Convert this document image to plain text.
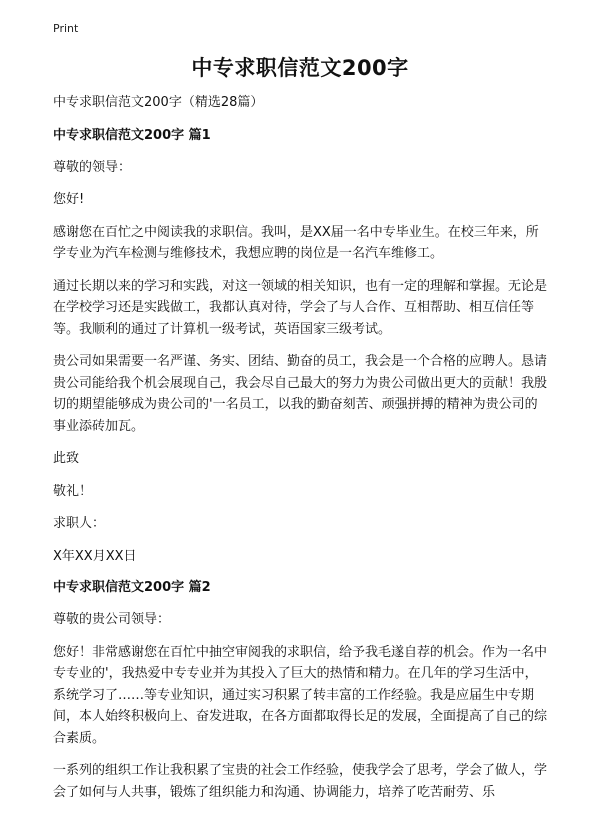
Print
中专求职信范文200字

中专求职信范文200字（精选28篇）

中专求职信范文200字 篇1

尊敬的领导：

您好!

感谢您在百忙之中阅读我的求职信。我叫，是XX届一名中专毕业生。在校三年来，所学专业为汽车检测与维修技术，我想应聘的岗位是一名汽车维修工。

通过长期以来的学习和实践，对这一领域的相关知识，也有一定的理解和掌握。无论是在学校学习还是实践做工，我都认真对待，学会了与人合作、互相帮助、相互信任等等。我顺利的通过了计算机一级考试，英语国家三级考试。

贵公司如果需要一名严谨、务实、团结、勤奋的员工，我会是一个合格的应聘人。恳请贵公司能给我个机会展现自己，我会尽自己最大的努力为贵公司做出更大的贡献！我殷切的期望能够成为贵公司的'一名员工，以我的勤奋刻苦、顽强拼搏的精神为贵公司的事业添砖加瓦。

此致

敬礼！

求职人：

X年XX月XX日

中专求职信范文200字 篇2

尊敬的贵公司领导：

您好！非常感谢您在百忙中抽空审阅我的求职信，给予我毛遂自荐的机会。作为一名中专专业的'，我热爱中专专业并为其投入了巨大的热情和精力。在几年的学习生活中，系统学习了……等专业知识，通过实习积累了转丰富的工作经验。我是应届生中专期间，本人始终积极向上、奋发进取，在各方面都取得长足的发展，全面提高了自己的综合素质。

一系列的组织工作让我积累了宝贵的社会工作经验，使我学会了思考，学会了做人，学会了如何与人共事，锻炼了组织能力和沟通、协调能力，培养了吃苦耐劳、乐
